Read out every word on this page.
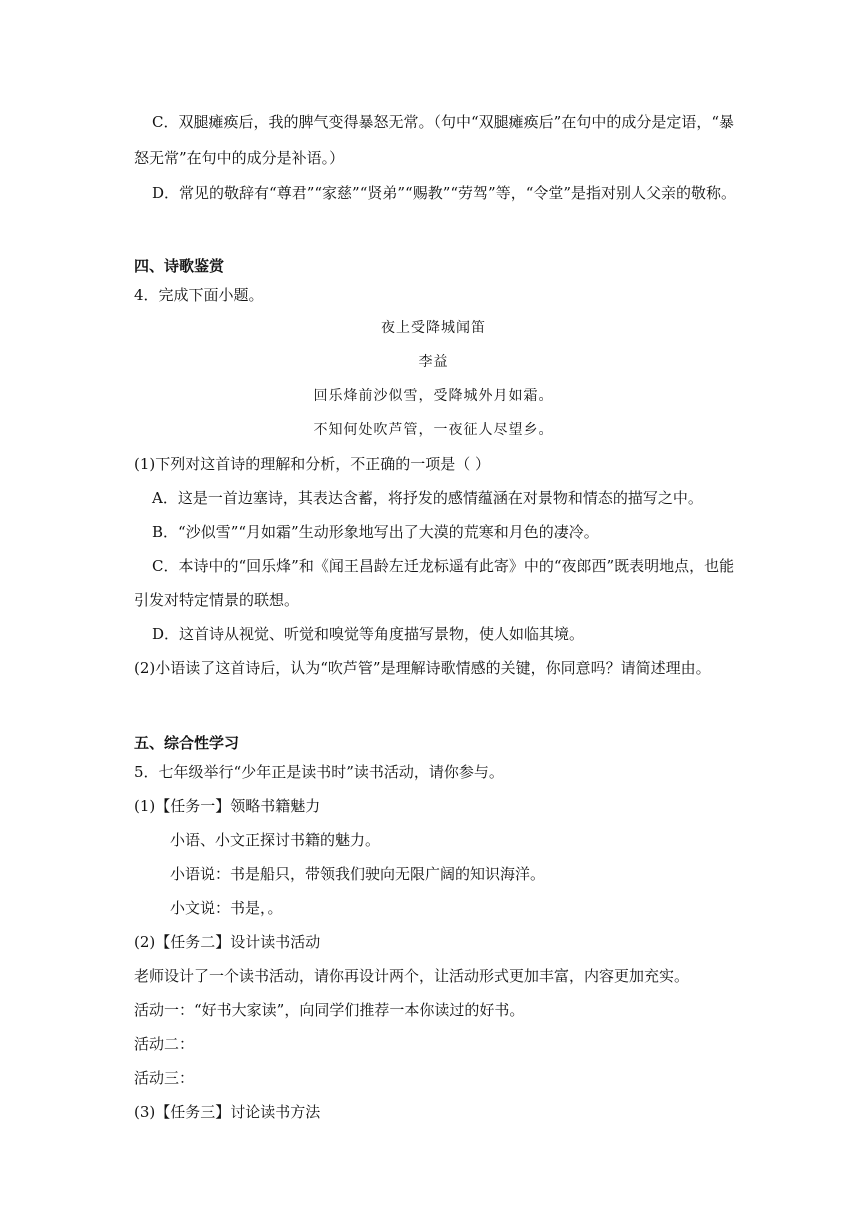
C．双腿瘫痪后，我的脾气变得暴怒无常。（句中“双腿瘫痪后”在句中的成分是定语，“暴
怒无常”在句中的成分是补语。）
D．常见的敬辞有“尊君”“家慈”“贤弟”“赐教”“劳驾”等，“令堂”是指对别人父亲的敬称。
四、诗歌鉴赏
4．完成下面小题。
夜上受降城闻笛
李益
回乐烽前沙似雪，受降城外月如霜。
不知何处吹芦管，一夜征人尽望乡。
(1)下列对这首诗的理解和分析，不正确的一项是（ ）
A．这是一首边塞诗，其表达含蓄，将抒发的感情蕴涵在对景物和情态的描写之中。
B．“沙似雪”“月如霜”生动形象地写出了大漠的荒寒和月色的凄冷。
C．本诗中的“回乐烽”和《闻王昌龄左迁龙标遥有此寄》中的“夜郎西”既表明地点，也能
引发对特定情景的联想。
D．这首诗从视觉、听觉和嗅觉等角度描写景物，使人如临其境。
(2)小语读了这首诗后，认为“吹芦管”是理解诗歌情感的关键，你同意吗？请简述理由。
五、综合性学习
5．七年级举行“少年正是读书时”读书活动，请你参与。
(1)【任务一】领略书籍魅力
小语、小文正探讨书籍的魅力。
小语说：书是船只，带领我们驶向无限广阔的知识海洋。
小文说：书是，。
(2)【任务二】设计读书活动
老师设计了一个读书活动，请你再设计两个，让活动形式更加丰富，内容更加充实。
活动一：“好书大家读”，向同学们推荐一本你读过的好书。
活动二：
活动三：
(3)【任务三】讨论读书方法
